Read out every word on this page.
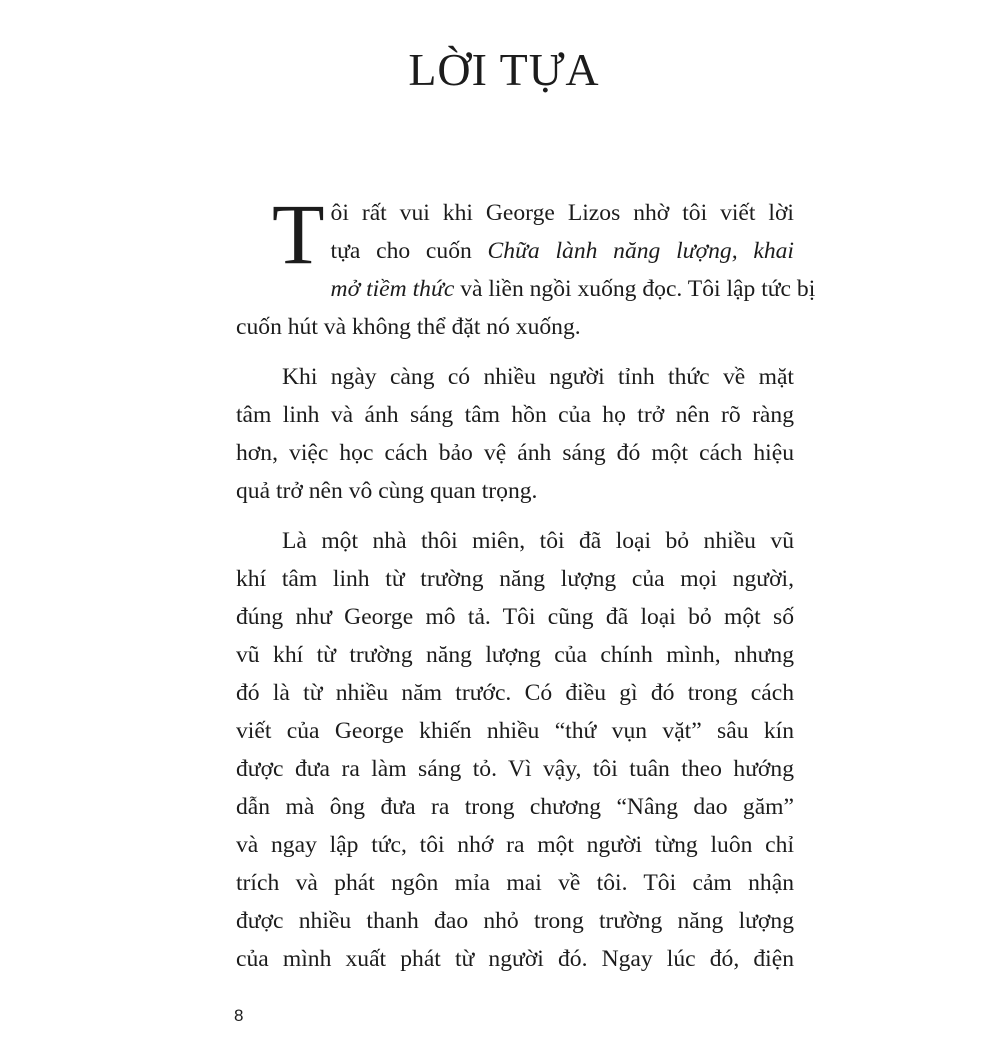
LỜI TỰA

T ôi rất vui khi George Lizos nhờ tôi viết lời
tựa cho cuốn Chữa lành năng lượng, khai
mở tiềm thức và liền ngồi xuống đọc. Tôi lập tức bị
cuốn hút và không thể đặt nó xuống.

Khi ngày càng có nhiều người tỉnh thức về mặt
tâm linh và ánh sáng tâm hồn của họ trở nên rõ ràng
hơn, việc học cách bảo vệ ánh sáng đó một cách hiệu
quả trở nên vô cùng quan trọng.

Là một nhà thôi miên, tôi đã loại bỏ nhiều vũ
khí tâm linh từ trường năng lượng của mọi người,
đúng như George mô tả. Tôi cũng đã loại bỏ một số
vũ khí từ trường năng lượng của chính mình, nhưng
đó là từ nhiều năm trước. Có điều gì đó trong cách
viết của George khiến nhiều “thứ vụn vặt” sâu kín
được đưa ra làm sáng tỏ. Vì vậy, tôi tuân theo hướng
dẫn mà ông đưa ra trong chương “Nâng dao găm”
và ngay lập tức, tôi nhớ ra một người từng luôn chỉ
trích và phát ngôn mỉa mai về tôi. Tôi cảm nhận
được nhiều thanh đao nhỏ trong trường năng lượng
của mình xuất phát từ người đó. Ngay lúc đó, điện

8
